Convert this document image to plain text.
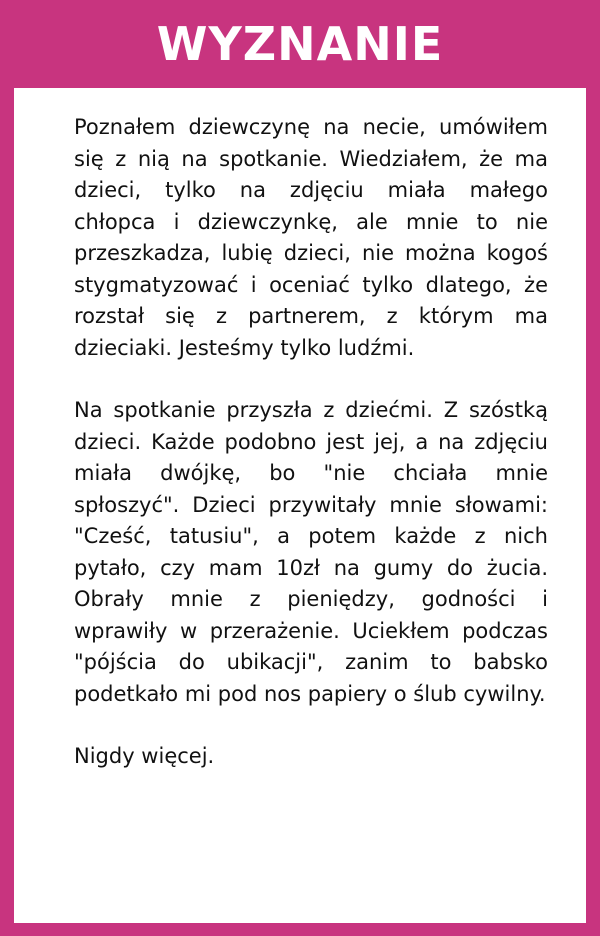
WYZNANIE

Poznałem dziewczynę na necie, umówiłem się z nią na spotkanie. Wiedziałem, że ma dzieci, tylko na zdjęciu miała małego chłopca i dziewczynkę, ale mnie to nie przeszkadza, lubię dzieci, nie można kogoś stygmatyzować i oceniać tylko dlatego, że rozstał się z partnerem, z którym ma dzieciaki. Jesteśmy tylko ludźmi.

Na spotkanie przyszła z dziećmi. Z szóstką dzieci. Każde podobno jest jej, a na zdjęciu miała dwójkę, bo "nie chciała mnie spłoszyć". Dzieci przywitały mnie słowami: "Cześć, tatusiu", a potem każde z nich pytało, czy mam 10zł na gumy do żucia. Obrały mnie z pieniędzy, godności i wprawiły w przerażenie. Uciekłem podczas "pójścia do ubikacji", zanim to babsko podetkało mi pod nos papiery o ślub cywilny.

Nigdy więcej.
